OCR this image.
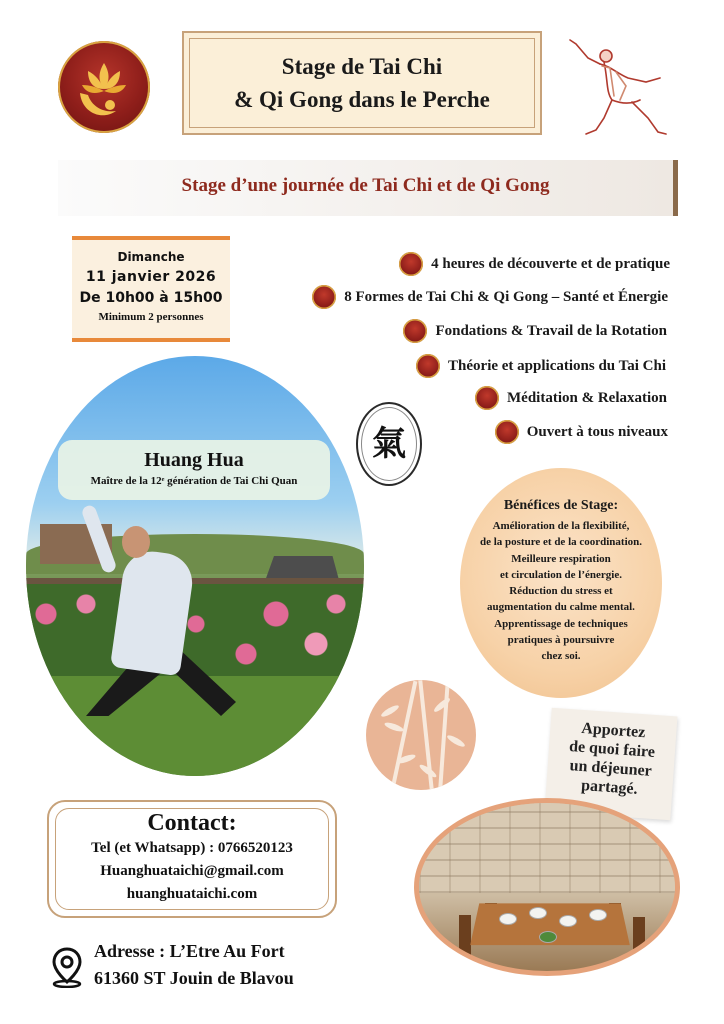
Stage de Tai Chi
& Qi Gong dans le Perche
Stage d’une journée de Tai Chi et de Qi Gong
Dimanche
11 janvier 2026
De 10h00 à 15h00
Minimum 2 personnes
4 heures de découverte et de pratique
8 Formes de Tai Chi & Qi Gong – Santé et Énergie
Fondations & Travail de la Rotation
Théorie et applications du Tai Chi
Méditation & Relaxation
Ouvert à tous niveaux
氣
Huang Hua
Maître de la 12ᵉ génération de Tai Chi Quan
Bénéfices de Stage:
Amélioration de la flexibilité,
de la posture et de la coordination.
Meilleure respiration
et circulation de l’énergie.
Réduction du stress et
augmentation du calme mental.
Apprentissage de techniques
pratiques à poursuivre
chez soi.
Apportez
de quoi faire
un déjeuner
partagé.
Contact:
Tel (et Whatsapp) : 0766520123
Huanghuataichi@gmail.com
huanghuataichi.com
Adresse : L’Etre Au Fort
61360 ST Jouin de Blavou
